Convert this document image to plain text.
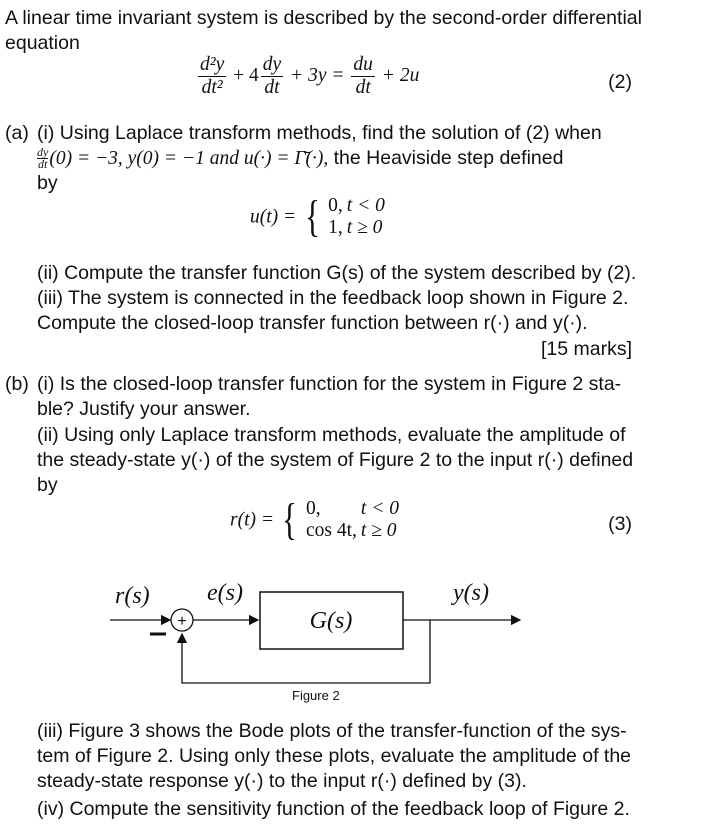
A linear time invariant system is described by the second-order differential
equation
$\frac{\text{d²y}}{\text{dt²}} + 4 \frac{dy}{dt} + 3y = \frac{du}{dt} + 2u$	(2)
(a) (i) Using Laplace transform methods, find the solution of (2) when
$\frac{dy}{dt} (0) = -3$, y(0) = −1 and u(·) = Γ̄(·), the Heaviside step defined
by
u(t) = { 0,	t < 0
1,	t ≥ 0
(ii) Compute the transfer function G(s) of the system described by (2).
(iii) The system is connected in the feedback loop shown in Figure 2.
Compute the closed-loop transfer function between r(·) and y(·).
[15 marks]
(b) (i) Is the closed-loop transfer function for the system in Figure 2 sta-
ble? Justify your answer.
(ii) Using only Laplace transform methods, evaluate the amplitude of
the steady-state y(·) of the system of Figure 2 to the input r(·) defined
by
r(t) = { 0,	t < 0
cos 4t,	t ≥ 0	(3)
r(s) e(s)	y(s)
+	G(s)
Figure 2
(iii) Figure 3 shows the Bode plots of the transfer-function of the sys-
tem of Figure 2. Using only these plots, evaluate the amplitude of the
steady-state response y(·) to the input r(·) defined by (3).
(iv) Compute the sensitivity function of the feedback loop of Figure 2.
